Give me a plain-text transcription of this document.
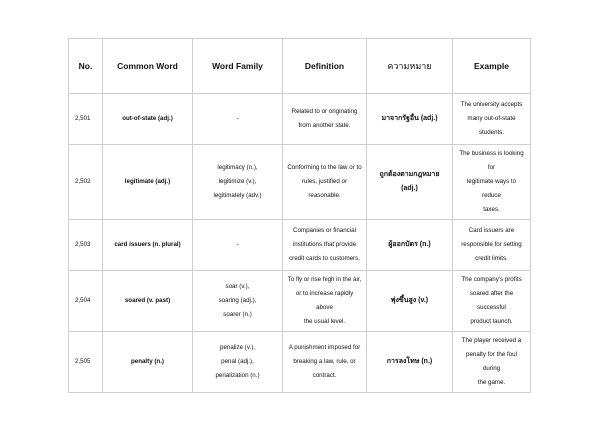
No.	Common Word	Word Family	Definition	ความหมาย	Example
2,501	out-of-state (adj.)	-	Related to or originating
from another state.	มาจากรัฐอื่น (adj.)	The university accepts
many out-of-state students.

2,502	legitimate (adj.)	legitimacy (n.),
legitimize (v.),
legitimately (adv.)	Conforming to the law or to
rules, justified or
reasonable.	ถูกต้องตามกฎหมาย (adj.)	The business is looking for
legitimate ways to reduce
taxes.

2,503	card issuers (n. plural)	-	Companies or financial
institutions that provide
credit cards to customers.	ผู้ออกบัตร (n.)	Card issuers are
responsible for setting
credit limits.

2,504	soared (v. past)	soar (v.),
soaring (adj.),
soarer (n.)	To fly or rise high in the air,
or to increase rapidly above
the usual level.	พุ่งขึ้นสูง (v.)	The company's profits
soared after the successful
product launch.

2,505	penalty (n.)	penalize (v.),
penal (adj.),
penalization (n.)	A punishment imposed for
breaking a law, rule, or
contract.	การลงโทษ (n.)	The player received a
penalty for the foul during
the game.
